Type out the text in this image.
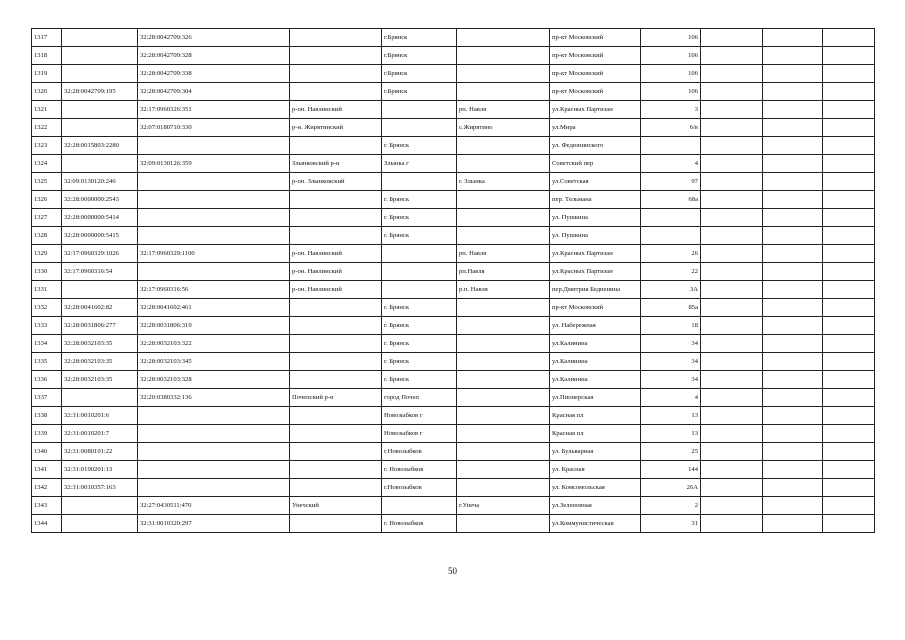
1317		32:28:0042709:326		г.Брянск		пр-кт Московский	106			
1318		32:28:0042709:328		г.Брянск		пр-кт Московский	106			
1319		32:28:0042709:338		г.Брянск		пр-кт Московский	106			
1320	32:28:0042709:195	32:28:0042709:304		г.Брянск		пр-кт Московский	106			
1321		32:17:0960326:351	р-он. Навлинский		рп. Навля	ул.Красных Партизан	3			
1322		32:07:0180710:330	р-н. Жирятинский		с.Жирятино	ул.Мира	6/в			
1323	32:28:0015803:2280			г. Брянск		ул. Федюнинского				
1324		32:09:0130126:359	Злынковский р-н	Злынка г		Советский пер	4			
1325	32:09:0130120:246		р-он. Злынковский		г. Злынка	ул.Советская	97			
1326	32:28:0000000:2543			г. Брянск		пер. Тельмана	68а			
1327	32:28:0000000:5414			г. Брянск		ул. Пушкина				
1328	32:28:0000000:5415			г. Брянск		ул. Пушкина				
1329	32:17:0960329:1026	32:17:0960329:1100	р-он. Навлинский		рп. Навля	ул.Красных Партизан	26			
1330	32:17:0960316:54		р-он. Навлинский		рп.Навля	ул.Красных Партизан	22			
1331		32:17:0960316:56	р-он. Навлинский		р.п. Навля	пер.Дмитрия Бедненина	3А			
1332	32:28:0041602:82	32:28:0041602:461		г. Брянск		пр-кт Московский	85а			
1333	32:28:0031806:277	32:28:0031806:319		г. Брянск		ул. Набережная	18			
1334	32:28:0032103:35	32:28:0032103:322		г. Брянск		ул.Калинина	34			
1335	32:28:0032103:35	32:28:0032103:345		г. Брянск		ул.Калинина	34			
1336	32:28:0032103:35	32:28:0032103:328		г. Брянск		ул.Калинина	34			
1337		32:20:0380332:136	Почепский р-н	город Почеп		ул.Пионерская	4			
1338	32:31:0010201:6			Новозыбков г		Красная пл	13			
1339	32:31:0010201:7			Новозыбков г		Красная пл	13			
1340	32:31:0080101:22			г.Новозыбков		ул. Бульварная	25			
1341	32:31:0190201:13			г. Новозыбков		ул. Красная	144			
1342	32:31:0010357:163			г.Новозыбков		ул. Комсомольская	26А			
1343		32:27:0430511:470	Унечский		г.Унеча	ул.Зеленовная	2			
1344		32:31:0010320:297		г. Новозыбков		ул.Коммунистическая	31			
50
